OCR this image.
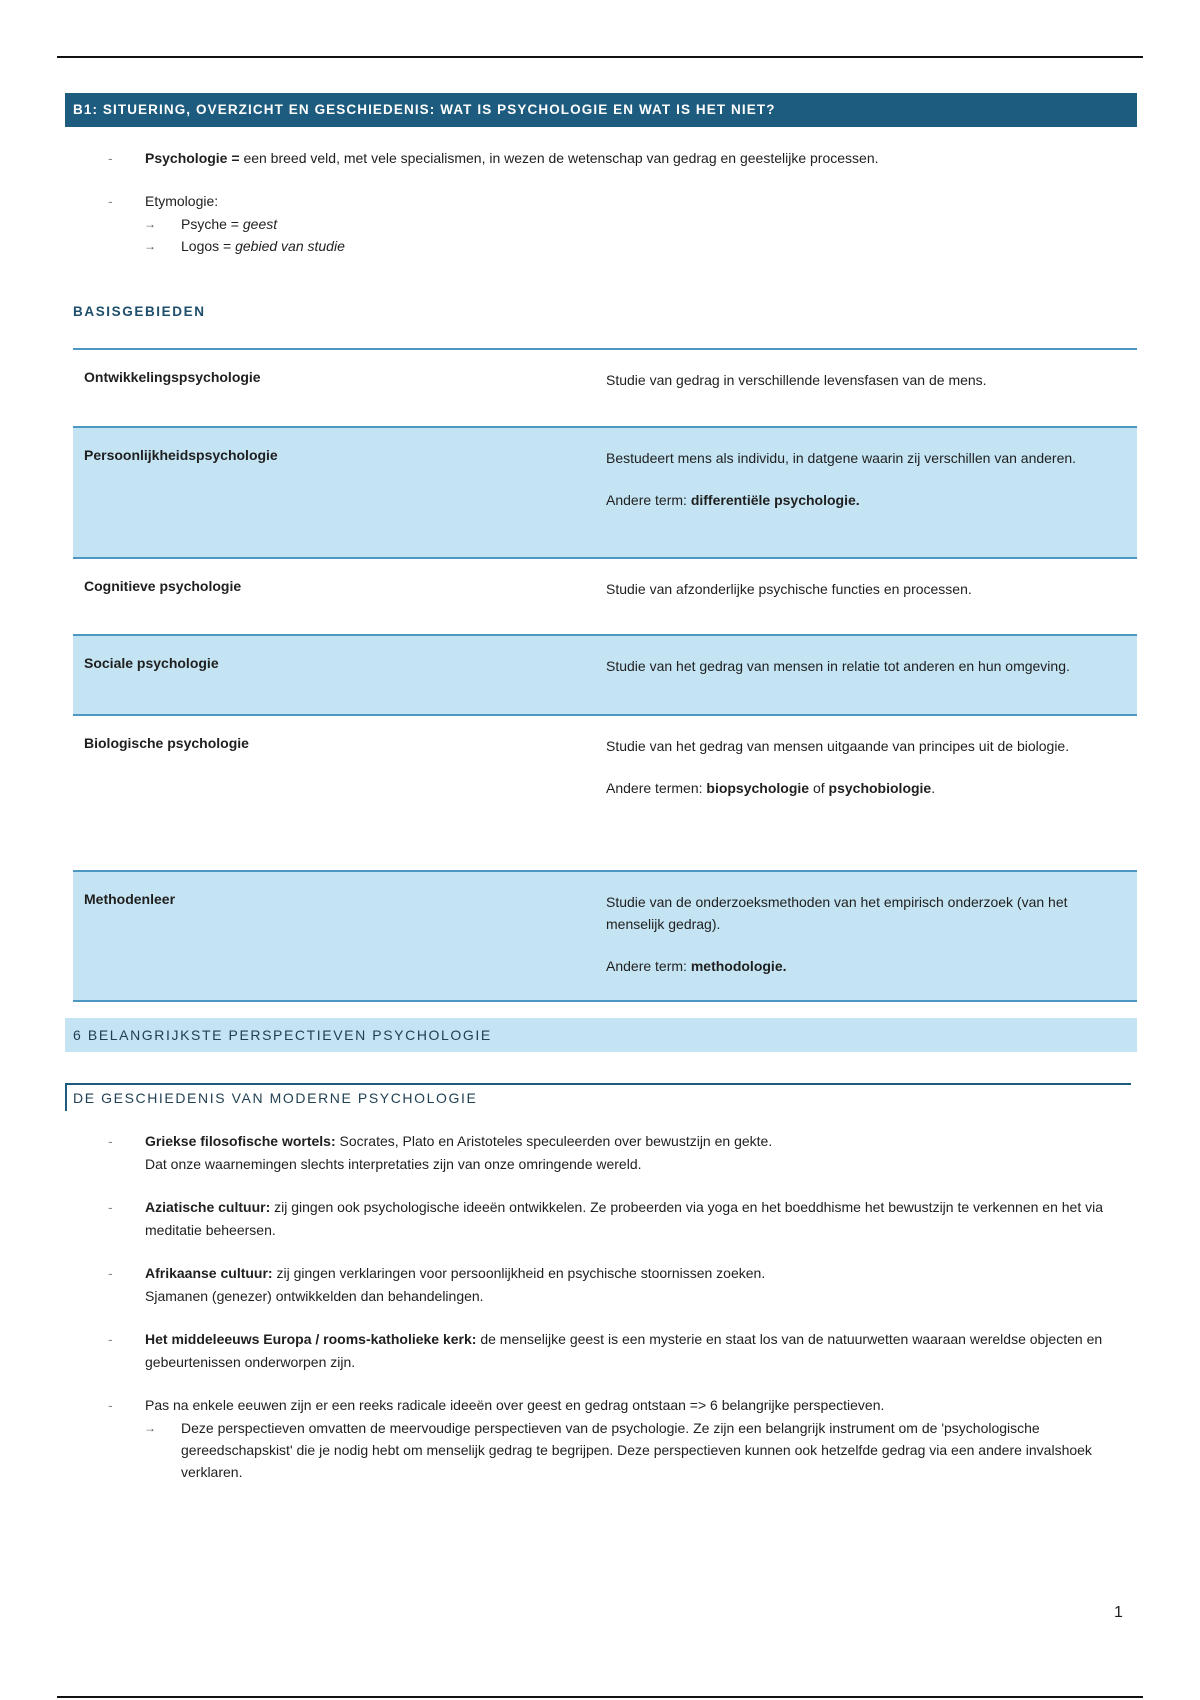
B1: SITUERING, OVERZICHT EN GESCHIEDENIS: WAT IS PSYCHOLOGIE EN WAT IS HET NIET?
- Psychologie = een breed veld, met vele specialismen, in wezen de wetenschap van gedrag en geestelijke processen.
- Etymologie:
→ Psyche = geest
→ Logos = gebied van studie
BASISGEBIEDEN
Ontwikkelingspsychologie	Studie van gedrag in verschillende levensfasen van de mens.

Persoonlijkheidspsychologie	Bestudeert mens als individu, in datgene waarin zij verschillen van anderen.

Andere term: differentiële psychologie.

Cognitieve psychologie	Studie van afzonderlijke psychische functies en processen.

Sociale psychologie	Studie van het gedrag van mensen in relatie tot anderen en hun omgeving.

Biologische psychologie	Studie van het gedrag van mensen uitgaande van principes uit de biologie.

Andere termen: biopsychologie of psychobiologie.

Methodenleer	Studie van de onderzoeksmethoden van het empirisch onderzoek (van het menselijk gedrag).

Andere term: methodologie.

6 BELANGRIJKSTE PERSPECTIEVEN PSYCHOLOGIE
DE GESCHIEDENIS VAN MODERNE PSYCHOLOGIE
- Griekse filosofische wortels: Socrates, Plato en Aristoteles speculeerden over bewustzijn en gekte.
Dat onze waarnemingen slechts interpretaties zijn van onze omringende wereld.
- Aziatische cultuur: zij gingen ook psychologische ideeën ontwikkelen. Ze probeerden via yoga en het boeddhisme het bewustzijn te verkennen en het via meditatie beheersen.
- Afrikaanse cultuur: zij gingen verklaringen voor persoonlijkheid en psychische stoornissen zoeken.
Sjamanen (genezer) ontwikkelden dan behandelingen.
- Het middeleeuws Europa / rooms-katholieke kerk: de menselijke geest is een mysterie en staat los van de natuurwetten waaraan wereldse objecten en gebeurtenissen onderworpen zijn.
- Pas na enkele eeuwen zijn er een reeks radicale ideeën over geest en gedrag ontstaan => 6 belangrijke perspectieven.
→ Deze perspectieven omvatten de meervoudige perspectieven van de psychologie. Ze zijn een belangrijk instrument om de 'psychologische gereedschapskist' die je nodig hebt om menselijk gedrag te begrijpen. Deze perspectieven kunnen ook hetzelfde gedrag via een andere invalshoek verklaren.
1
